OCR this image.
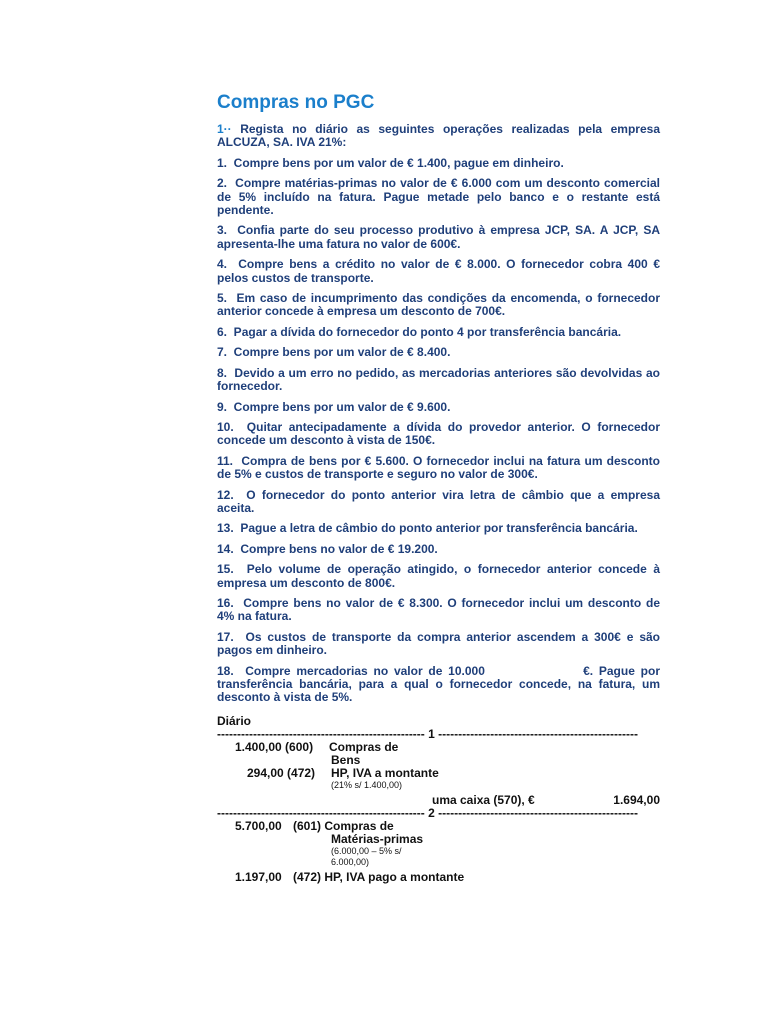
Compras no PGC
1·· Regista no diário as seguintes operações realizadas pela empresa ALCUZA, SA. IVA 21%:
1.  Compre bens por um valor de € 1.400, pague em dinheiro.
2.  Compre matérias-primas no valor de € 6.000 com um desconto comercial de 5% incluído na fatura. Pague metade pelo banco e o restante está pendente.
3.  Confia parte do seu processo produtivo à empresa JCP, SA. A JCP, SA apresenta-lhe uma fatura no valor de 600€.
4.  Compre bens a crédito no valor de € 8.000. O fornecedor cobra 400 € pelos custos de transporte.
5.  Em caso de incumprimento das condições da encomenda, o fornecedor anterior concede à empresa um desconto de 700€.
6.  Pagar a dívida do fornecedor do ponto 4 por transferência bancária.
7.  Compre bens por um valor de € 8.400.
8.  Devido a um erro no pedido, as mercadorias anteriores são devolvidas ao fornecedor.
9.  Compre bens por um valor de € 9.600.
10.  Quitar antecipadamente a dívida do provedor anterior. O fornecedor concede um desconto à vista de 150€.
11.  Compra de bens por € 5.600. O fornecedor inclui na fatura um desconto de 5% e custos de transporte e seguro no valor de 300€.
12.  O fornecedor do ponto anterior vira letra de câmbio que a empresa aceita.
13.  Pague a letra de câmbio do ponto anterior por transferência bancária.
14.  Compre bens no valor de € 19.200.
15.  Pelo volume de operação atingido, o fornecedor anterior concede à empresa um desconto de 800€.
16.  Compre bens no valor de € 8.300. O fornecedor inclui um desconto de 4% na fatura.
17.  Os custos de transporte da compra anterior ascendem a 300€ e são pagos em dinheiro.
18.  Compre mercadorias no valor de 10.000                 €. Pague por transferência bancária, para a qual o fornecedor concede, na fatura, um desconto à vista de 5%.
Diário
---------------------------------------------------- 1 --------------------------------------------------
1.400,00 (600) Compras de
Bens
294,00 (472) HP, IVA a montante
(21% s/ 1.400,00)
uma caixa (570), €	1.694,00
---------------------------------------------------- 2 --------------------------------------------------
5.700,00 (601) Compras de
Matérias-primas
(6.000,00 – 5% s/
6.000,00)
1.197,00 (472) HP, IVA pago a montante
